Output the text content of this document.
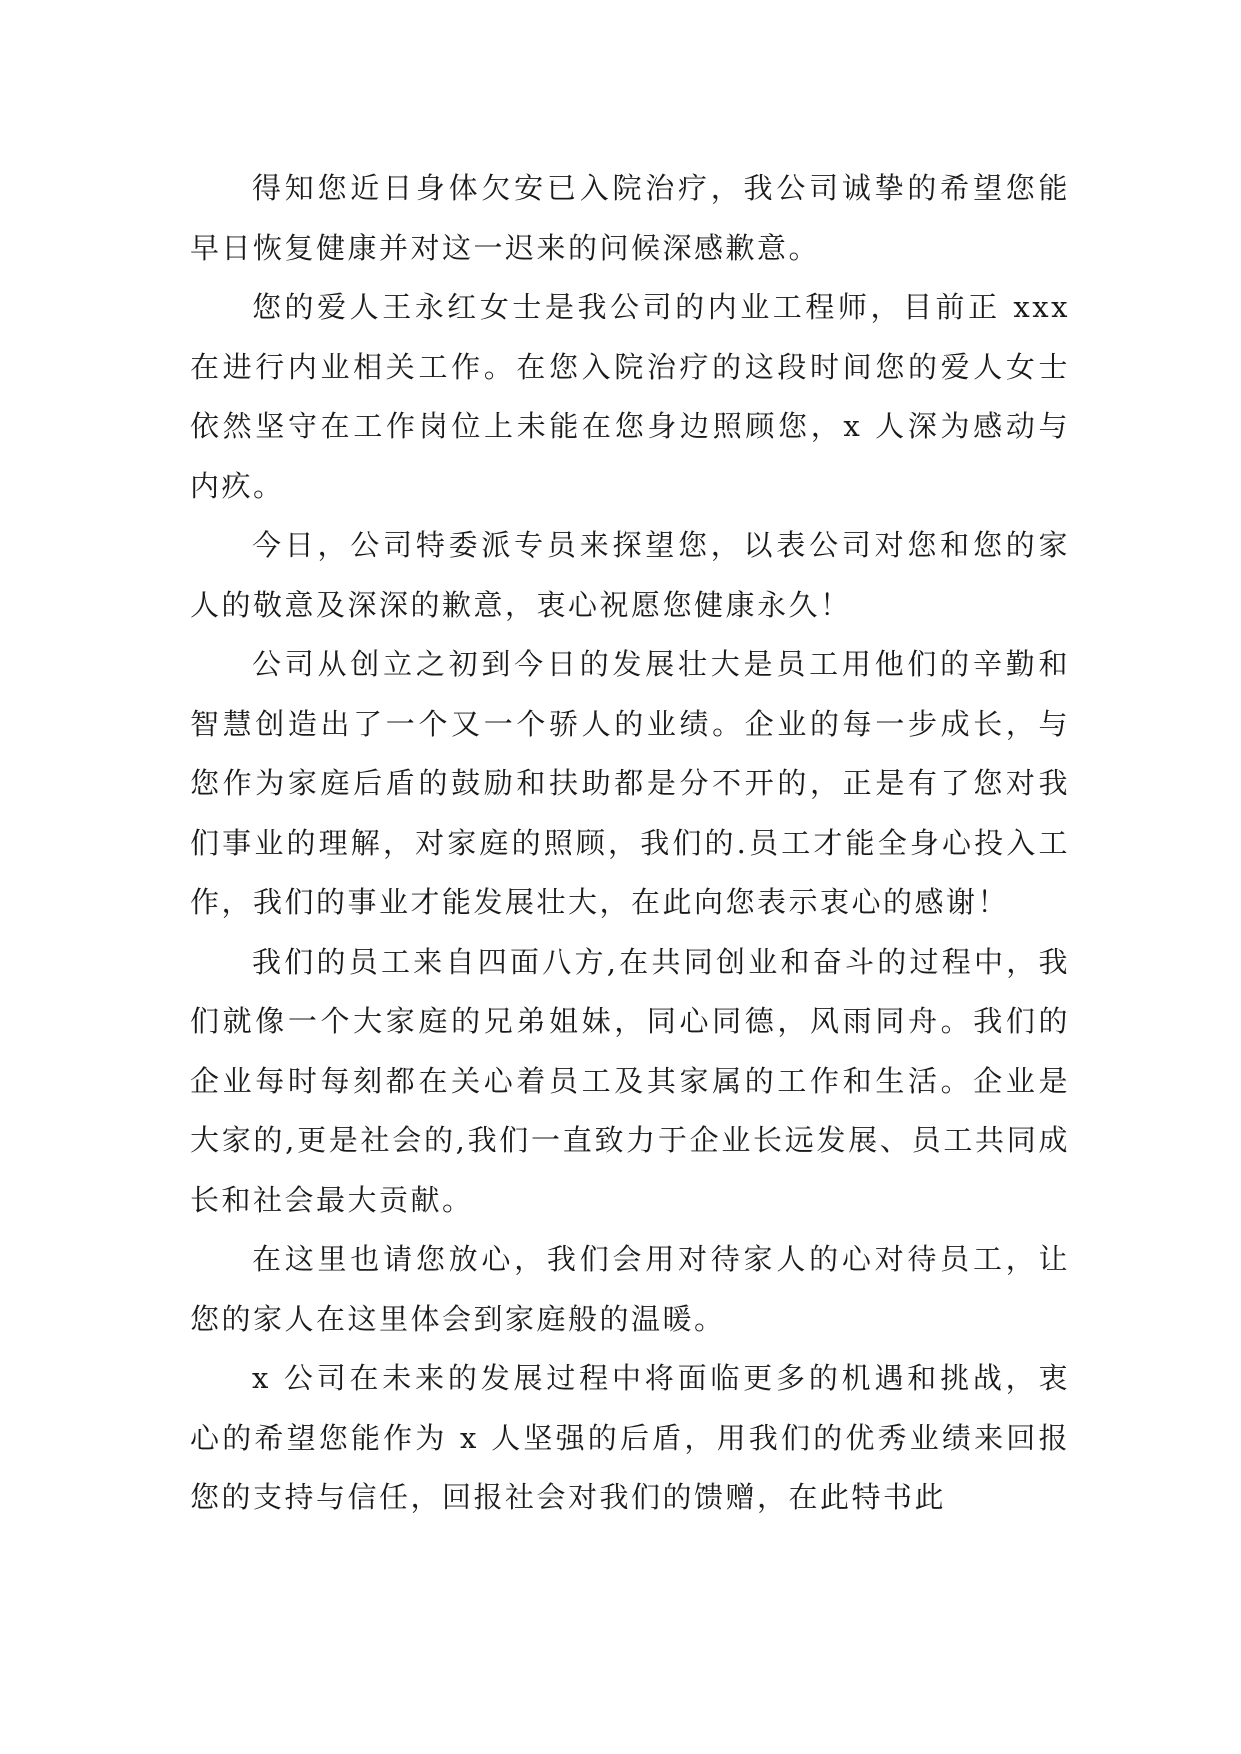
得知您近日身体欠安已入院治疗，我公司诚挚的希望您能早日恢复健康并对这一迟来的问候深感歉意。

您的爱人王永红女士是我公司的内业工程师，目前正 xxx 在进行内业相关工作。在您入院治疗的这段时间您的爱人女士依然坚守在工作岗位上未能在您身边照顾您，x 人深为感动与内疚。

今日，公司特委派专员来探望您，以表公司对您和您的家人的敬意及深深的歉意，衷心祝愿您健康永久！

公司从创立之初到今日的发展壮大是员工用他们的辛勤和智慧创造出了一个又一个骄人的业绩。企业的每一步成长，与您作为家庭后盾的鼓励和扶助都是分不开的，正是有了您对我们事业的理解，对家庭的照顾，我们的.员工才能全身心投入工作，我们的事业才能发展壮大，在此向您表示衷心的感谢！

我们的员工来自四面八方,在共同创业和奋斗的过程中，我们就像一个大家庭的兄弟姐妹，同心同德，风雨同舟。我们的企业每时每刻都在关心着员工及其家属的工作和生活。企业是大家的,更是社会的,我们一直致力于企业长远发展、员工共同成长和社会最大贡献。

在这里也请您放心，我们会用对待家人的心对待员工，让您的家人在这里体会到家庭般的温暖。

x 公司在未来的发展过程中将面临更多的机遇和挑战，衷心的希望您能作为 x 人坚强的后盾，用我们的优秀业绩来回报您的支持与信任，回报社会对我们的馈赠，在此特书此
